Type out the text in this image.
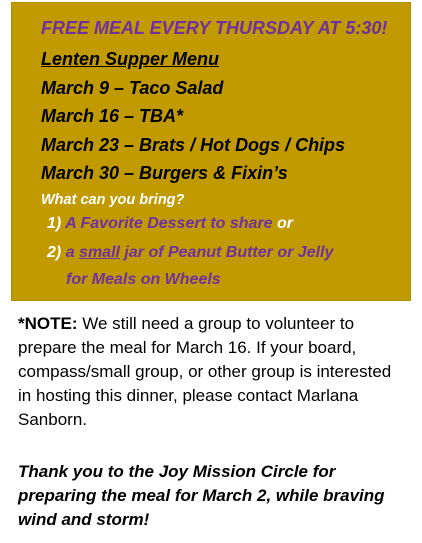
FREE MEAL EVERY THURSDAY AT 5:30!
Lenten Supper Menu
March 9 – Taco Salad
March 16 – TBA*
March 23 – Brats / Hot Dogs / Chips
March 30 – Burgers & Fixin’s
What can you bring?
1) A Favorite Dessert to share or
2) a small jar of Peanut Butter or Jelly
for Meals on Wheels
*NOTE: We still need a group to volunteer to prepare the meal for March 16. If your board, compass/small group, or other group is interested in hosting this dinner, please contact Marlana Sanborn.
Thank you to the Joy Mission Circle for preparing the meal for March 2, while braving wind and storm!
